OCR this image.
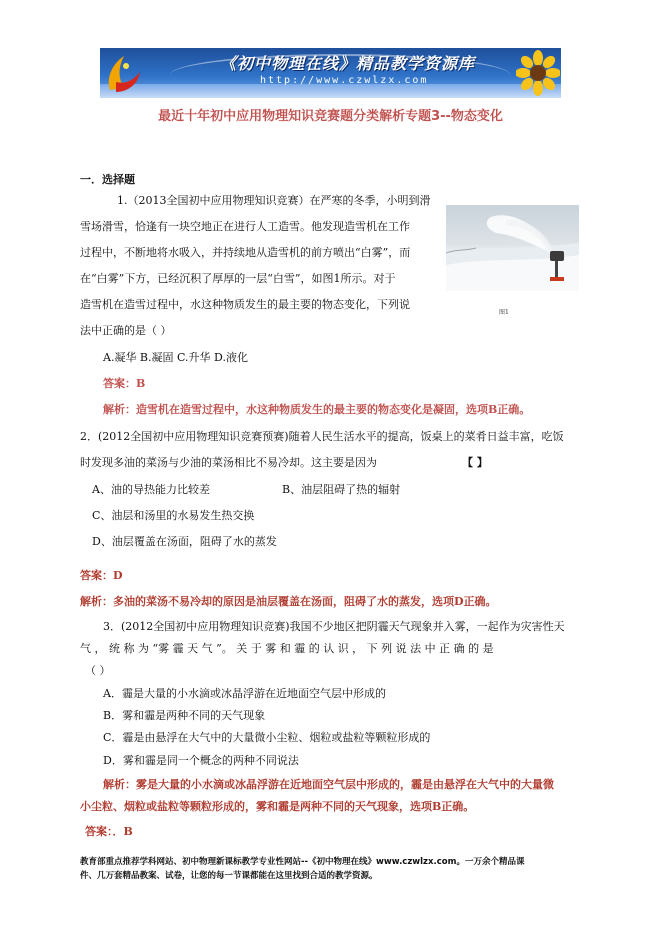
《初中物理在线》精品教学资源库
http://www.czwlzx.com
最近十年初中应用物理知识竞赛题分类解析专题3--物态变化
一．选择题
1.（2013全国初中应用物理知识竞赛）在严寒的冬季，小明到滑
雪场滑雪，恰逢有一块空地正在进行人工造雪。他发现造雪机在工作
过程中，不断地将水吸入，并持续地从造雪机的前方喷出“白雾”，而
在“白雾”下方，已经沉积了厚厚的一层“白雪”，如图1所示。对于
造雪机在造雪过程中，水这种物质发生的最主要的物态变化，下列说
法中正确的是（ ）
图1
A.凝华 B.凝固 C.升华 D.液化
答案：B
解析：造雪机在造雪过程中，水这种物质发生的最主要的物态变化是凝固，选项B正确。
2．(2012全国初中应用物理知识竞赛预赛)随着人民生活水平的提高，饭桌上的菜肴日益丰富，吃饭
时发现多油的菜汤与少油的菜汤相比不易冷却。这主要是因为	【 】
A、油的导热能力比较差	B、油层阻碍了热的辐射
C、油层和汤里的水易发生热交换
D、油层覆盖在汤面，阻碍了水的蒸发
答案：D
解析：多油的菜汤不易冷却的原因是油层覆盖在汤面，阻碍了水的蒸发，选项D正确。
3．(2012全国初中应用物理知识竞赛)我国不少地区把阴霾天气现象并入雾，一起作为灾害性天
气 ， 统 称 为 “雾 霾 天 气 ”。 关 于 雾 和 霾 的 认 识 ， 下 列 说 法 中 正 确 的 是
（ ）
A．霾是大量的小水滴或冰晶浮游在近地面空气层中形成的
B．雾和霾是两种不同的天气现象
C．霾是由悬浮在大气中的大量微小尘粒、烟粒或盐粒等颗粒形成的
D．雾和霾是同一个概念的两种不同说法
解析：雾是大量的小水滴或冰晶浮游在近地面空气层中形成的，霾是由悬浮在大气中的大量微
小尘粒、烟粒或盐粒等颗粒形成的，雾和霾是两种不同的天气现象，选项B正确。
答案：．B
教育部重点推荐学科网站、初中物理新课标教学专业性网站--《初中物理在线》www.czwlzx.com。一万余个精品课
件、几万套精品教案、试卷，让您的每一节课都能在这里找到合适的教学资源。
